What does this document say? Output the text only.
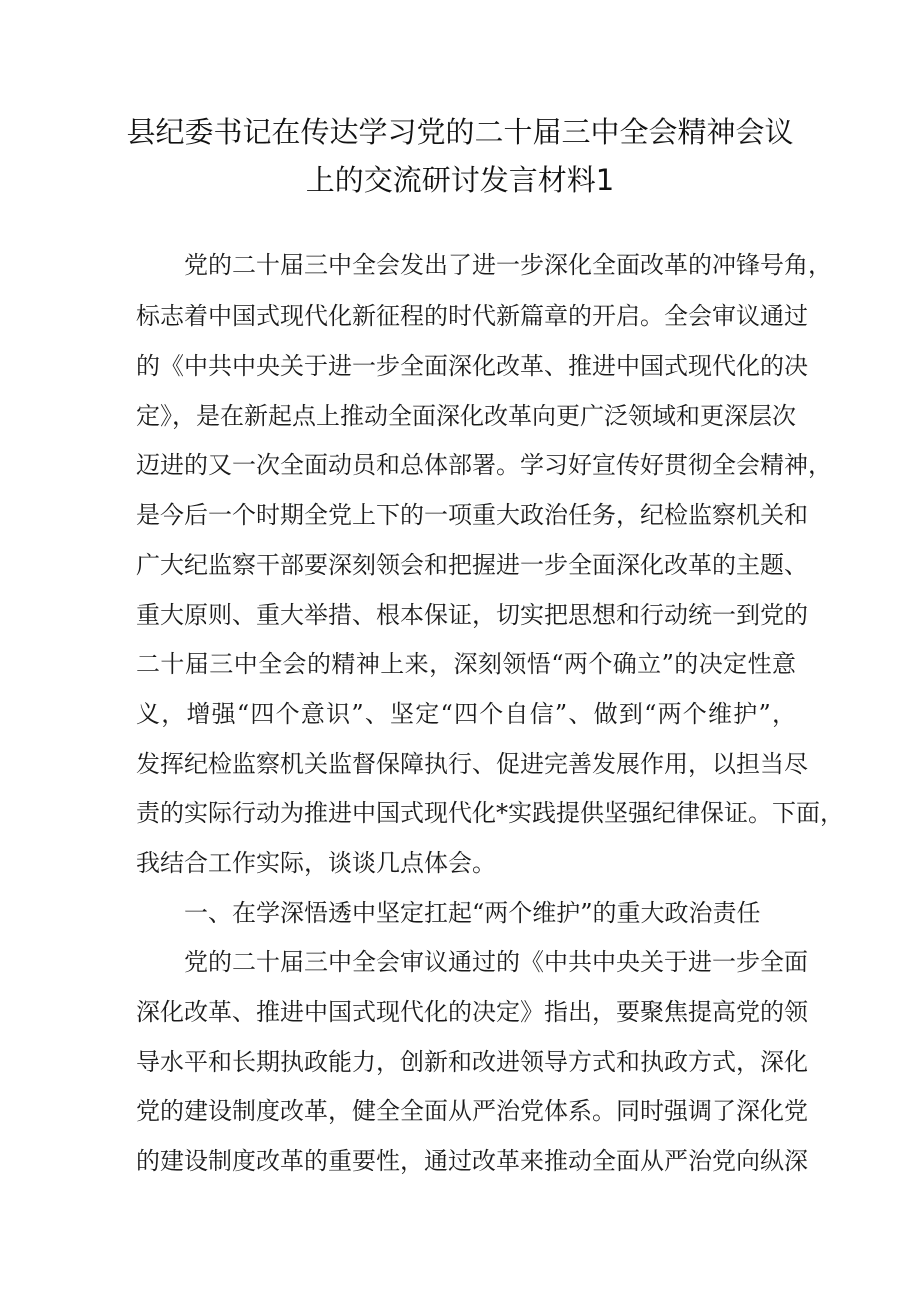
县纪委书记在传达学习党的二十届三中全会精神会议
上的交流研讨发言材料1
党的二十届三中全会发出了进一步深化全面改革的冲锋号角，
标志着中国式现代化新征程的时代新篇章的开启。全会审议通过
的《中共中央关于进一步全面深化改革、推进中国式现代化的决
定》，是在新起点上推动全面深化改革向更广泛领域和更深层次
迈进的又一次全面动员和总体部署。学习好宣传好贯彻全会精神，
是今后一个时期全党上下的一项重大政治任务，纪检监察机关和
广大纪监察干部要深刻领会和把握进一步全面深化改革的主题、
重大原则、重大举措、根本保证，切实把思想和行动统一到党的
二十届三中全会的精神上来，深刻领悟“两个确立”的决定性意
义，增强“四个意识”、坚定“四个自信”、做到“两个维护”，
发挥纪检监察机关监督保障执行、促进完善发展作用，以担当尽
责的实际行动为推进中国式现代化*实践提供坚强纪律保证。下面，
我结合工作实际，谈谈几点体会。
一、在学深悟透中坚定扛起“两个维护”的重大政治责任
党的二十届三中全会审议通过的《中共中央关于进一步全面
深化改革、推进中国式现代化的决定》指出，要聚焦提高党的领
导水平和长期执政能力，创新和改进领导方式和执政方式，深化
党的建设制度改革，健全全面从严治党体系。同时强调了深化党
的建设制度改革的重要性，通过改革来推动全面从严治党向纵深
